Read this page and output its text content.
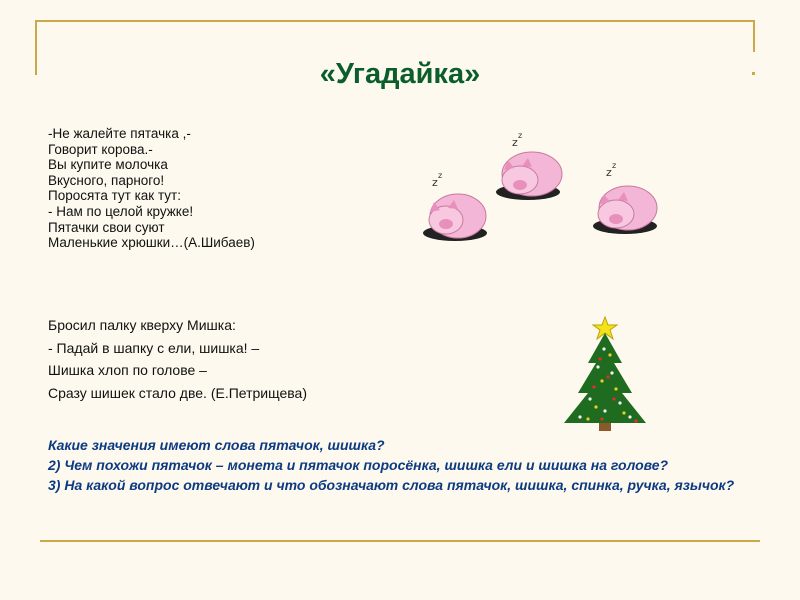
«Угадайка»
-Не жалейте пятачка ,-
Говорит корова.-
Вы купите молочка
Вкусного, парного!
Поросята тут как тут:
- Нам по целой кружке!
Пятачки свои суют
Маленькие хрюшки…(А.Шибаев)
z
z
z
z
z
z
Бросил палку кверху Мишка:
- Падай в шапку с ели, шишка! –
Шишка хлоп по голове –
Сразу шишек стало две. (Е.Петрищева)
Какие значения имеют слова пятачок, шишка?
2) Чем похожи пятачок – монета и пятачок поросёнка, шишка ели и шишка на голове?
3) На какой вопрос отвечают и что обозначают слова пятачок, шишка, спинка, ручка, язычок?
